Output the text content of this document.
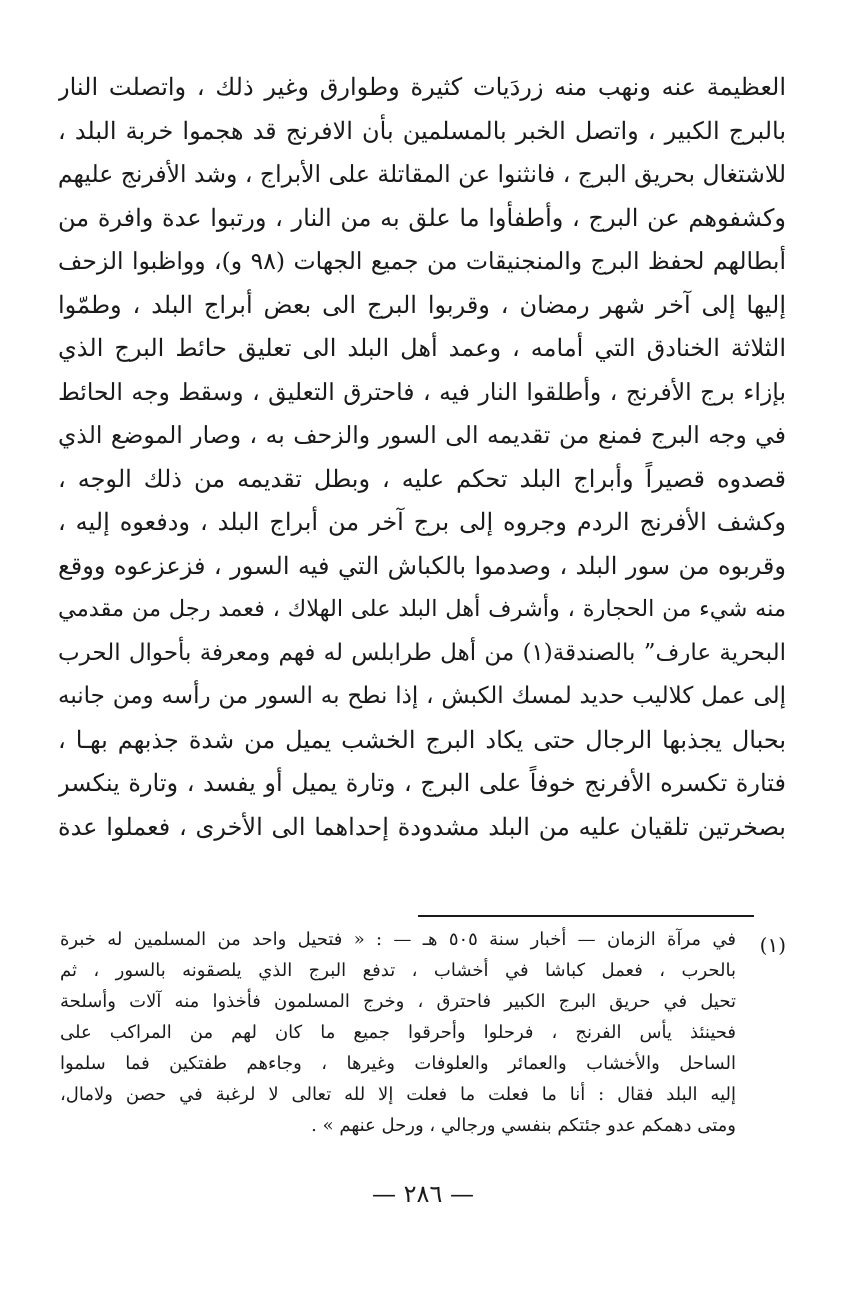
العظيمة عنه ونهب منه زردَيات كثيرة وطوارق وغير ذلك ، واتصلت النار
بالبرج الكبير ، واتصل الخبر بالمسلمين بأن الافرنج قد هجموا خربة البلد ،
للاشتغال بحريق البرج ، فانثنوا عن المقاتلة على الأبراج ، وشد الأفرنج عليهم
وكشفوهم عن البرج ، وأطفأوا ما علق به من النار ، ورتبوا عدة وافرة من
أبطالهم لحفظ البرج والمنجنيقات من جميع الجهات (٩٨ و)، وواظبوا الزحف
إليها إلى آخر شهر رمضان ، وقربوا البرج الى بعض أبراج البلد ، وطمّوا
الثلاثة الخنادق التي أمامه ، وعمد أهل البلد الى تعليق حائط البرج الذي
بإزاء برج الأفرنج ، وأطلقوا النار فيه ، فاحترق التعليق ، وسقط وجه الحائط
في وجه البرج فمنع من تقديمه الى السور والزحف به ، وصار الموضع الذي
قصدوه قصيراً وأبراج البلد تحكم عليه ، وبطل تقديمه من ذلك الوجه ،
وكشف الأفرنج الردم وجروه إلى برج آخر من أبراج البلد ، ودفعوه إليه ،
وقربوه من سور البلد ، وصدموا بالكباش التي فيه السور ، فزعزعوه ووقع
منه شيء من الحجارة ، وأشرف أهل البلد على الهلاك ، فعمد رجل من مقدمي
البحرية عارف” بالصندقة(١) من أهل طرابلس له فهم ومعرفة بأحوال الحرب
إلى عمل كلاليب حديد لمسك الكبش ، إذا نطح به السور من رأسه ومن جانبه
بحبال يجذبها الرجال حتى يكاد البرج الخشب يميل من شدة جذبهم بهـا ،
فتارة تكسره الأفرنج خوفاً على البرج ، وتارة يميل أو يفسد ، وتارة ينكسر
بصخرتين تلقيان عليه من البلد مشدودة إحداهما الى الأخرى ، فعملوا عدة
(١)
في مرآة الزمان — أخبار سنة ٥٠٥ هـ — : « فتحيل واحد من المسلمين له خبرة
بالحرب ، فعمل كباشا في أخشاب ، تدفع البرج الذي يلصقونه بالسور ، ثم
تحيل في حريق البرج الكبير فاحترق ، وخرج المسلمون فأخذوا منه آلات وأسلحة
فحينئذ يأس الفرنج ، فرحلوا وأحرقوا جميع ما كان لهم من المراكب على
الساحل والأخشاب والعمائر والعلوفات وغيرها ، وجاءهم طفتكين فما سلموا
إليه البلد فقال : أنا ما فعلت ما فعلت إلا لله تعالى لا لرغبة في حصن ولامال،
ومتى دهمكم عدو جئتكم بنفسي ورجالي ، ورحل عنهم » .
— ٢٨٦ —
